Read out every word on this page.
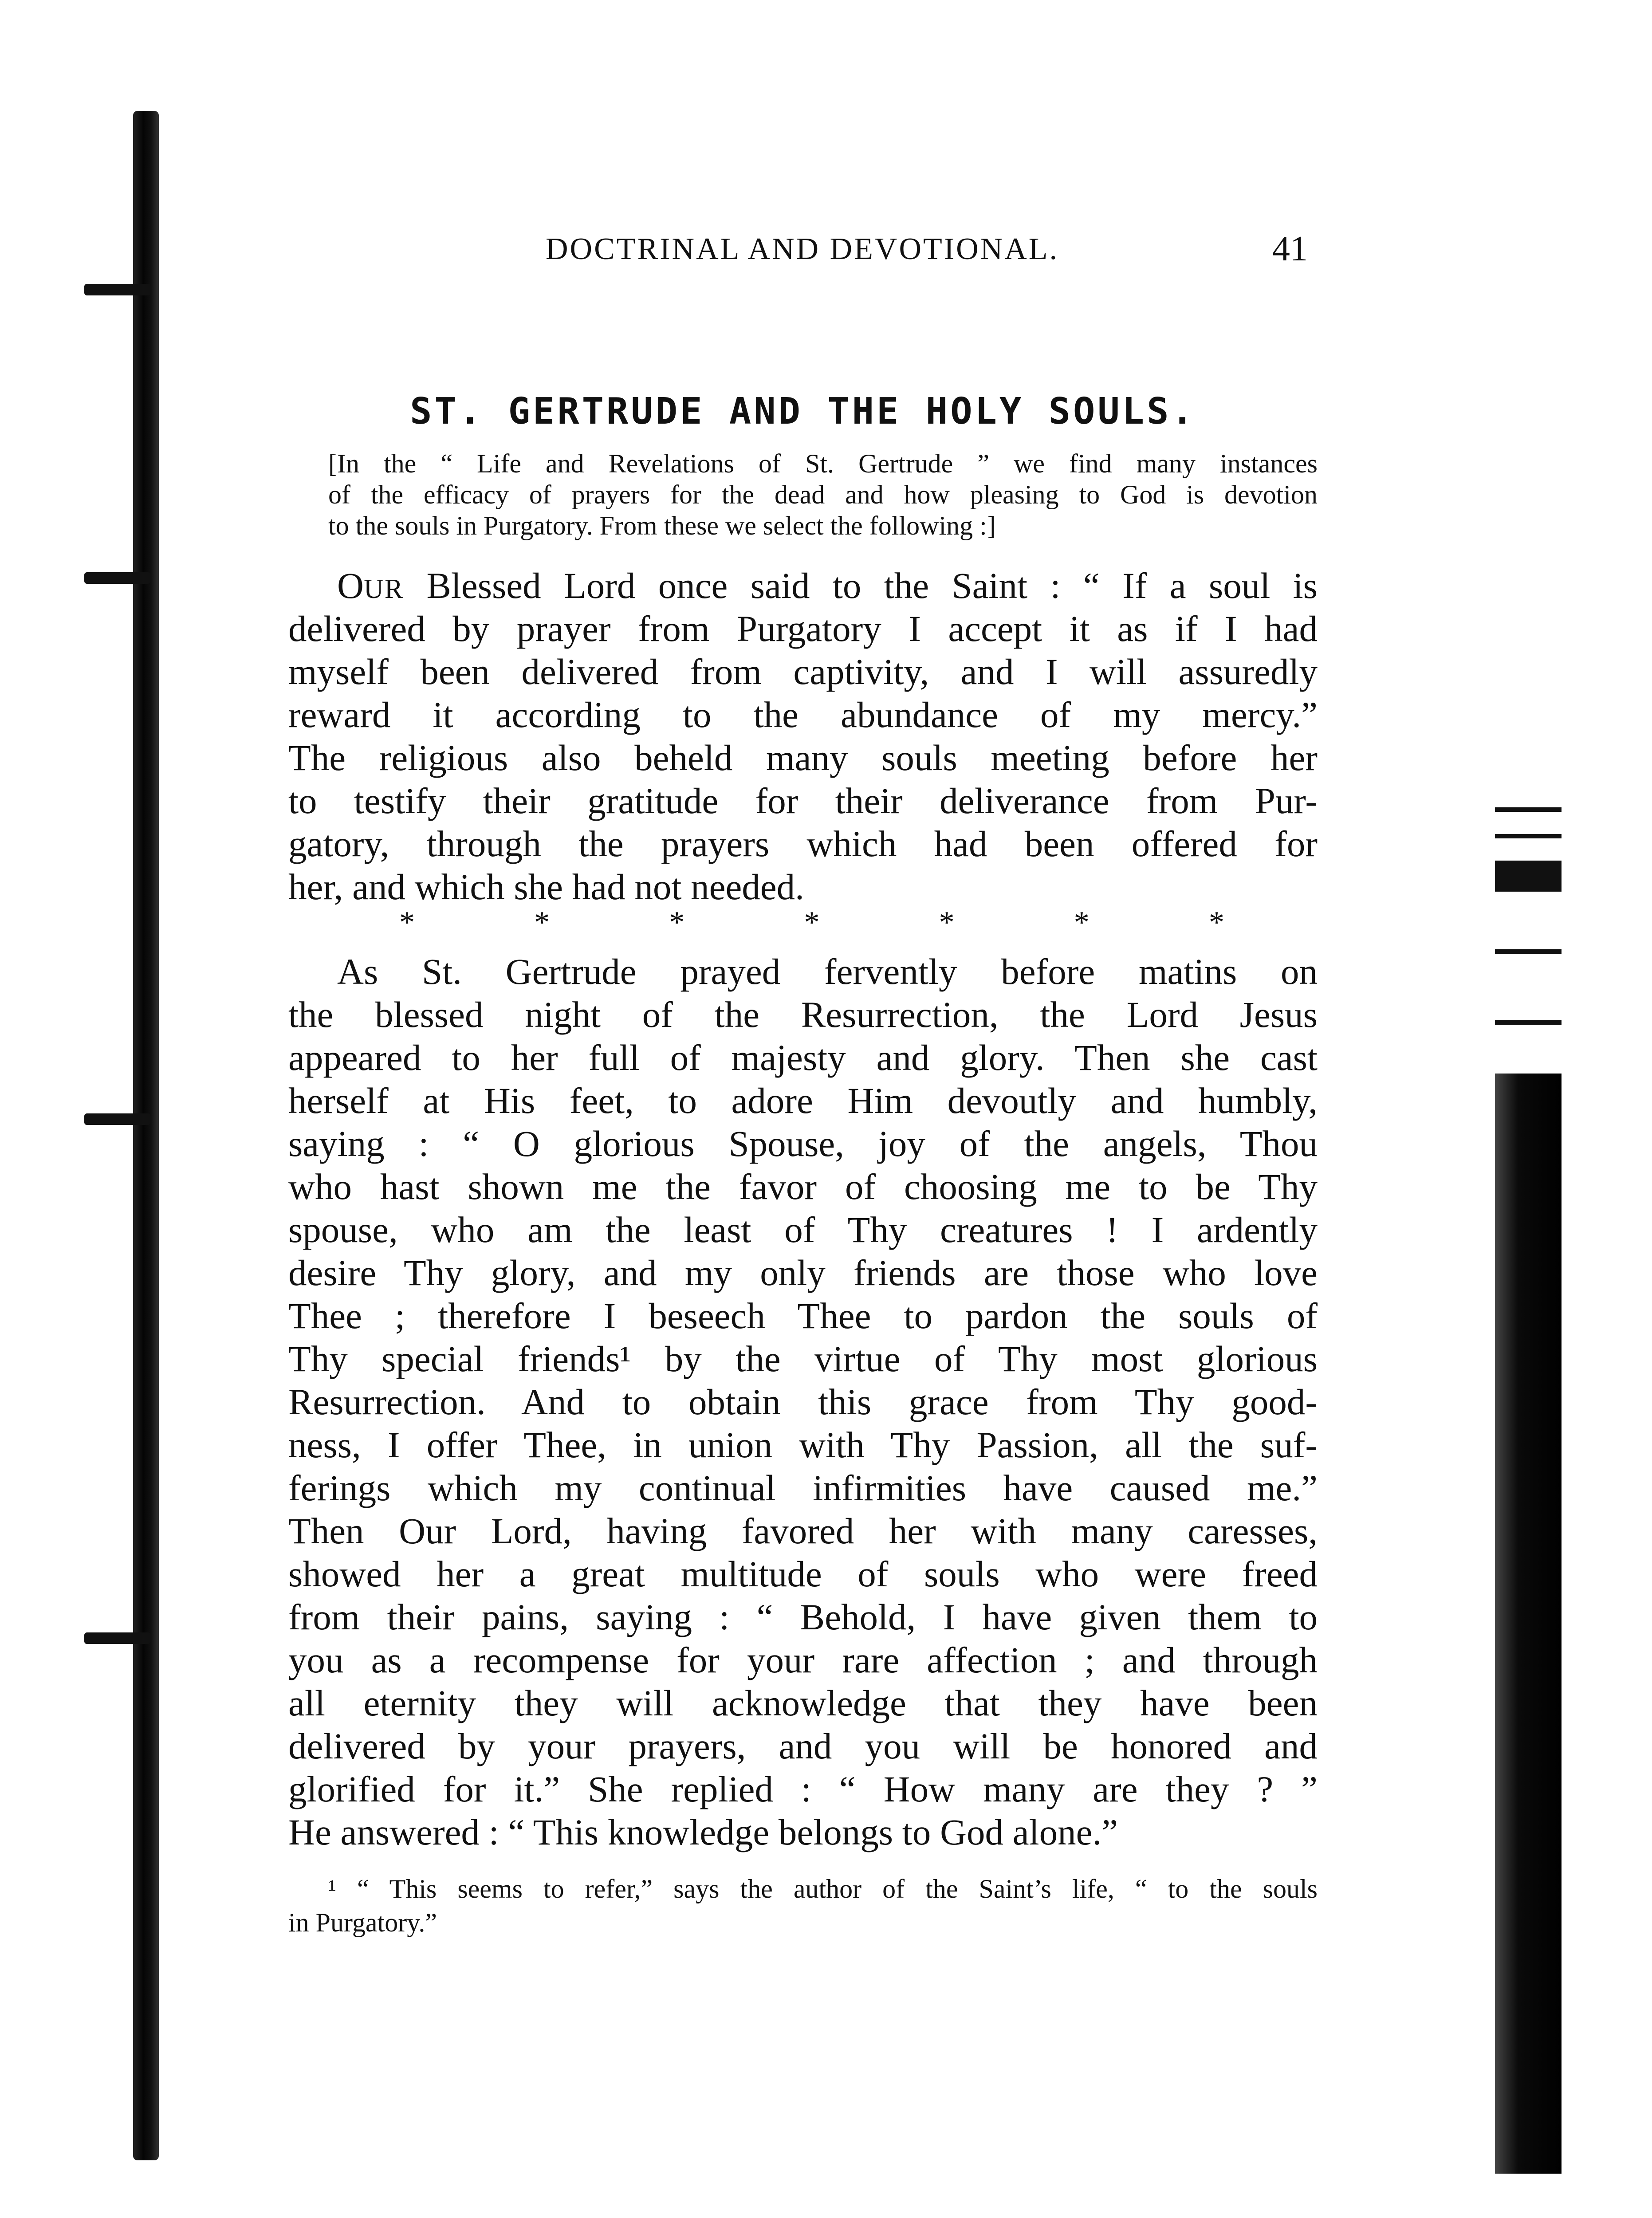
DOCTRINAL AND DEVOTIONAL.	41
ST. GERTRUDE AND THE HOLY SOULS.
[In the “ Life and Revelations of St. Gertrude ” we find many instances
of the efficacy of prayers for the dead and how pleasing to God is devotion
to the souls in Purgatory. From these we select the following :]
OUR Blessed Lord once said to the Saint : “ If a soul is
delivered by prayer from Purgatory I accept it as if I had
myself been delivered from captivity, and I will assuredly
reward it according to the abundance of my mercy.”
The religious also beheld many souls meeting before her
to testify their gratitude for their deliverance from Pur-
gatory, through the prayers which had been offered for
her, and which she had not needed.
*	*	*	*	*	*	*
As St. Gertrude prayed fervently before matins on
the blessed night of the Resurrection, the Lord Jesus
appeared to her full of majesty and glory. Then she cast
herself at His feet, to adore Him devoutly and humbly,
saying : “ O glorious Spouse, joy of the angels, Thou
who hast shown me the favor of choosing me to be Thy
spouse, who am the least of Thy creatures ! I ardently
desire Thy glory, and my only friends are those who love
Thee ; therefore I beseech Thee to pardon the souls of
Thy special friends¹ by the virtue of Thy most glorious
Resurrection. And to obtain this grace from Thy good-
ness, I offer Thee, in union with Thy Passion, all the suf-
ferings which my continual infirmities have caused me.”
Then Our Lord, having favored her with many caresses,
showed her a great multitude of souls who were freed
from their pains, saying : “ Behold, I have given them to
you as a recompense for your rare affection ; and through
all eternity they will acknowledge that they have been
delivered by your prayers, and you will be honored and
glorified for it.” She replied : “ How many are they ? ”
He answered : “ This knowledge belongs to God alone.”
¹ “ This seems to refer,” says the author of the Saint’s life, “ to the souls
in Purgatory.”
